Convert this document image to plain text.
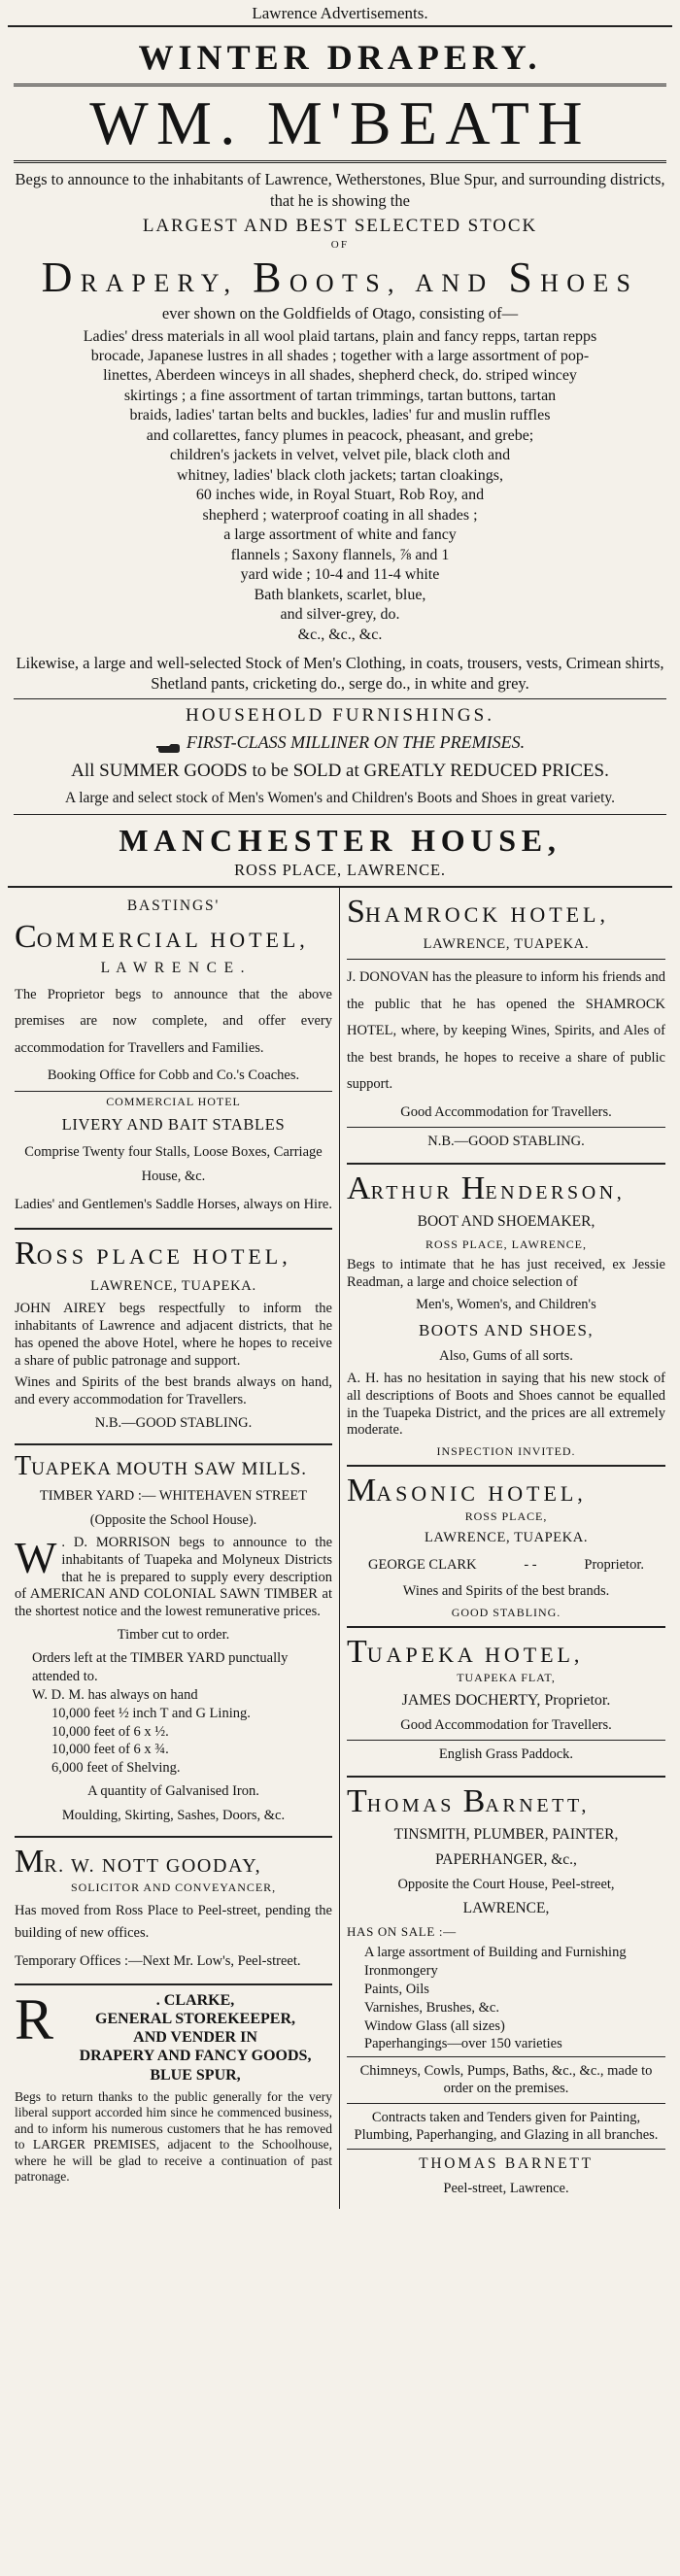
Lawrence Advertisements.
WINTER DRAPERY.
WM. M'BEATH

Begs to announce to the inhabitants of Lawrence, Wetherstones, Blue Spur, and surrounding districts, that he is showing the

LARGEST AND BEST SELECTED STOCK
OF
DRAPERY, BOOTS, AND SHOES
ever shown on the Goldfields of Otago, consisting of—
Ladies' dress materials in all wool plaid tartans, plain and fancy repps, tartan repps
brocade, Japanese lustres in all shades ; together with a large assortment of pop-
linettes, Aberdeen winceys in all shades, shepherd check, do. striped wincey
skirtings ; a fine assortment of tartan trimmings, tartan buttons, tartan
braids, ladies' tartan belts and buckles, ladies' fur and muslin ruffles
and collarettes, fancy plumes in peacock, pheasant, and grebe;
children's jackets in velvet, velvet pile, black cloth and
whitney, ladies' black cloth jackets; tartan cloakings,
60 inches wide, in Royal Stuart, Rob Roy, and
shepherd ; waterproof coating in all shades ;
a large assortment of white and fancy
flannels ; Saxony flannels, ⅞ and 1
yard wide ; 10-4 and 11-4 white
Bath blankets, scarlet, blue,
and silver-grey, do.
&c., &c., &c.

Likewise, a large and well-selected Stock of Men's Clothing, in coats, trousers, vests, Crimean shirts, Shetland pants, cricketing do., serge do., in white and grey.

HOUSEHOLD FURNISHINGS.
FIRST-CLASS MILLINER ON THE PREMISES.
All SUMMER GOODS to be SOLD at GREATLY REDUCED PRICES.

A large and select stock of Men's Women's and Children's Boots and Shoes in great variety.

MANCHESTER HOUSE,
ROSS PLACE, LAWRENCE.
BASTINGS'
COMMERCIAL HOTEL,
L A W R E N C E .

The Proprietor begs to announce that the above premises are now complete, and offer every accommodation for Travellers and Families.

Booking Office for Cobb and Co.'s Coaches.
COMMERCIAL HOTEL
LIVERY AND BAIT STABLES
Comprise Twenty four Stalls, Loose Boxes, Carriage House, &c.
Ladies' and Gentlemen's Saddle Horses, always on Hire.
ROSS PLACE HOTEL,
LAWRENCE, TUAPEKA.

JOHN AIREY begs respectfully to inform the inhabitants of Lawrence and adjacent districts, that he has opened the above Hotel, where he hopes to receive a share of public patronage and support.

Wines and Spirits of the best brands always on hand, and every accommodation for Travellers.

N.B.—GOOD STABLING.
TUAPEKA MOUTH SAW MILLS.
TIMBER YARD :— WHITEHAVEN STREET
(Opposite the School House).
W . D. MORRISON begs to announce to the inhabitants of Tuapeka and Molyneux Districts that he is prepared to supply every description of AMERICAN AND COLONIAL SAWN TIMBER at the shortest notice and the lowest remunerative prices.
Timber cut to order.
Orders left at the TIMBER YARD punctually attended to.
W. D. M. has always on hand
10,000 feet ½ inch T and G Lining.
10,000 feet of 6 x ½.
10,000 feet of 6 x ¾.
6,000 feet of Shelving.
A quantity of Galvanised Iron.
Moulding, Skirting, Sashes, Doors, &c.
MR. W. NOTT GOODAY,
SOLICITOR AND CONVEYANCER,

Has moved from Ross Place to Peel-street, pending the building of new offices.

Temporary Offices :—Next Mr. Low's, Peel-street.

R	. CLARKE,
GENERAL STOREKEEPER,
AND VENDER IN
DRAPERY AND FANCY GOODS,
BLUE SPUR,

Begs to return thanks to the public generally for the very liberal support accorded him since he commenced business, and to inform his numerous customers that he has removed to LARGER PREMISES, adjacent to the Schoolhouse, where he will be glad to receive a continuation of past patronage.

SHAMROCK HOTEL,
LAWRENCE, TUAPEKA.

J. DONOVAN has the pleasure to inform his friends and the public that he has opened the SHAMROCK HOTEL, where, by keeping Wines, Spirits, and Ales of the best brands, he hopes to receive a share of public support.

Good Accommodation for Travellers.
N.B.—GOOD STABLING.
ARTHUR HENDERSON,
BOOT AND SHOEMAKER,
ROSS PLACE, LAWRENCE,

Begs to intimate that he has just received, ex Jessie Readman, a large and choice selection of

Men's, Women's, and Children's
BOOTS AND SHOES,
Also, Gums of all sorts.

A. H. has no hesitation in saying that his new stock of all descriptions of Boots and Shoes cannot be equalled in the Tuapeka District, and the prices are all extremely moderate.

INSPECTION INVITED.
MASONIC HOTEL,
ROSS PLACE,
LAWRENCE, TUAPEKA.
GEORGE CLARK	- -	Proprietor.
Wines and Spirits of the best brands.
GOOD STABLING.
TUAPEKA HOTEL,
TUAPEKA FLAT,
JAMES DOCHERTY, Proprietor.
Good Accommodation for Travellers.
English Grass Paddock.
THOMAS BARNETT,
TINSMITH, PLUMBER, PAINTER,
PAPERHANGER, &c.,
Opposite the Court House, Peel-street,
LAWRENCE,
HAS ON SALE :—
A large assortment of Building and Furnishing Ironmongery
Paints, Oils
Varnishes, Brushes, &c.
Window Glass (all sizes)
Paperhangings—over 150 varieties
Chimneys, Cowls, Pumps, Baths, &c., &c., made to order on the premises.
Contracts taken and Tenders given for Painting, Plumbing, Paperhanging, and Glazing in all branches.
THOMAS BARNETT
Peel-street, Lawrence.
